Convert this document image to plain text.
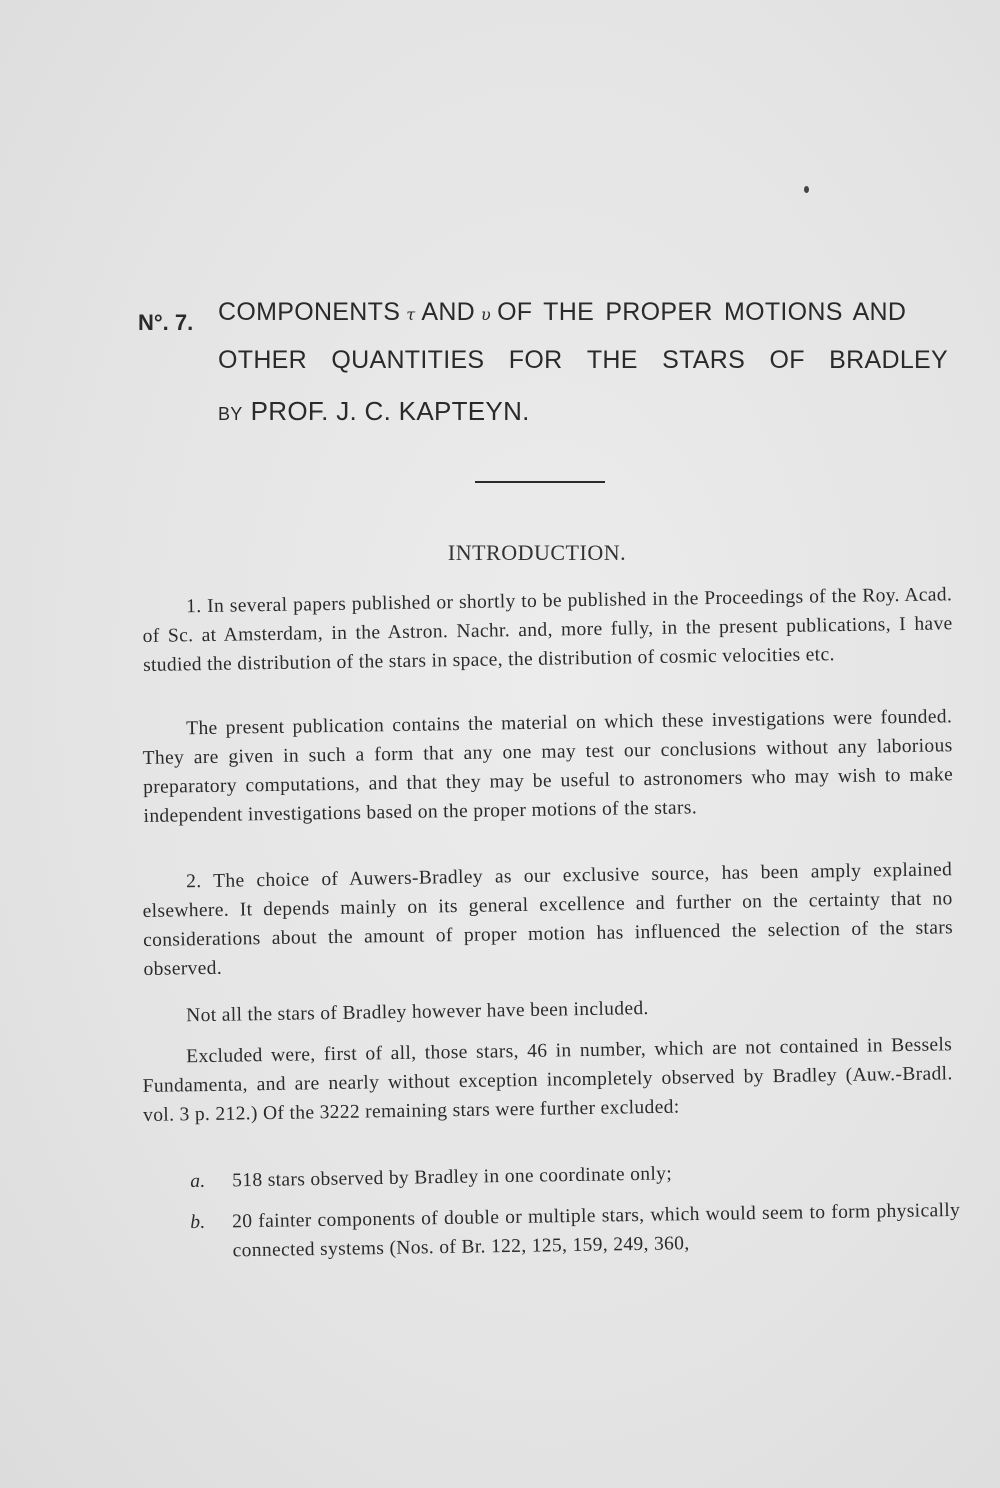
N°. 7. COMPONENTS τ AND υ OF THE PROPER MOTIONS AND
OTHER QUANTITIES FOR THE STARS OF BRADLEY
BY PROF. J. C. KAPTEYN.
INTRODUCTION.

1. In several papers published or shortly to be published in the Proceedings of the Roy. Acad. of Sc. at Amsterdam, in the Astron. Nachr. and, more fully, in the present publications, I have studied the distribution of the stars in space, the distribution of cosmic velocities etc.

The present publication contains the material on which these investigations were founded. They are given in such a form that any one may test our conclusions without any laborious preparatory computations, and that they may be useful to astronomers who may wish to make independent investigations based on the proper motions of the stars.

2. The choice of Auwers-Bradley as our exclusive source, has been amply explained elsewhere. It depends mainly on its general excellence and further on the certainty that no considerations about the amount of proper motion has influenced the selection of the stars observed.

Not all the stars of Bradley however have been included.

Excluded were, first of all, those stars, 46 in number, which are not contained in Bessels Fundamenta, and are nearly without exception incompletely observed by Bradley (Auw.-Bradl. vol. 3 p. 212.) Of the 3222 remaining stars were further excluded:

a.	518 stars observed by Bradley in one coordinate only;
b.	20 fainter components of double or multiple stars, which would seem to form physically connected systems (Nos. of Br. 122, 125, 159, 249, 360,
